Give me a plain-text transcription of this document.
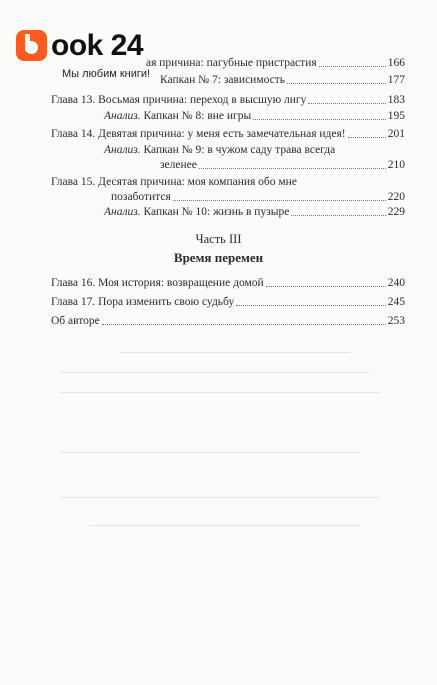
ook 24
Мы любим книги!
ая причина: пагубные пристрастия	166
Капкан № 7: зависимость	177
Глава 13. Восьмая причина: переход в высшую лигу	183
Анализ. Капкан № 8: вне игры	195
Глава 14. Девятая причина: у меня есть замечательная идея!	201
Анализ. Капкан № 9: в чужом саду трава всегда
зеленее	210
Глава 15. Десятая причина: моя компания обо мне
позаботится	220
Анализ. Капкан № 10: жизнь в пузыре	229
Часть III
Время перемен
Глава 16. Моя история: возвращение домой	240
Глава 17. Пора изменить свою судьбу	245
Об авторе	253
